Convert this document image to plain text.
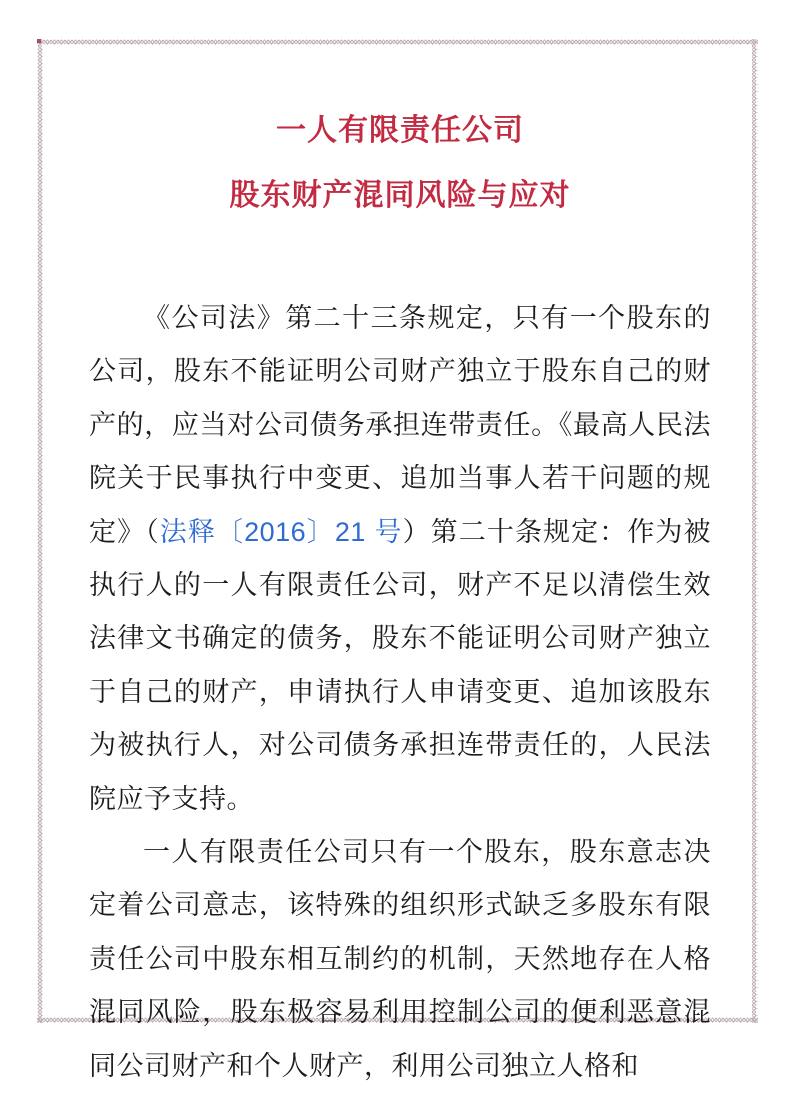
一人有限责任公司
股东财产混同风险与应对

《公司法》第二十三条规定，只有一个股东的公司，股东不能证明公司财产独立于股东自己的财产的，应当对公司债务承担连带责任。《最高人民法院关于民事执行中变更、追加当事人若干问题的规定》（法释〔2016〕21 号）第二十条规定：作为被执行人的一人有限责任公司，财产不足以清偿生效法律文书确定的债务，股东不能证明公司财产独立于自己的财产，申请执行人申请变更、追加该股东为被执行人，对公司债务承担连带责任的，人民法院应予支持。

一人有限责任公司只有一个股东，股东意志决定着公司意志，该特殊的组织形式缺乏多股东有限责任公司中股东相互制约的机制，天然地存在人格混同风险，股东极容易利用控制公司的便利恶意混同公司财产和个人财产，利用公司独立人格和
